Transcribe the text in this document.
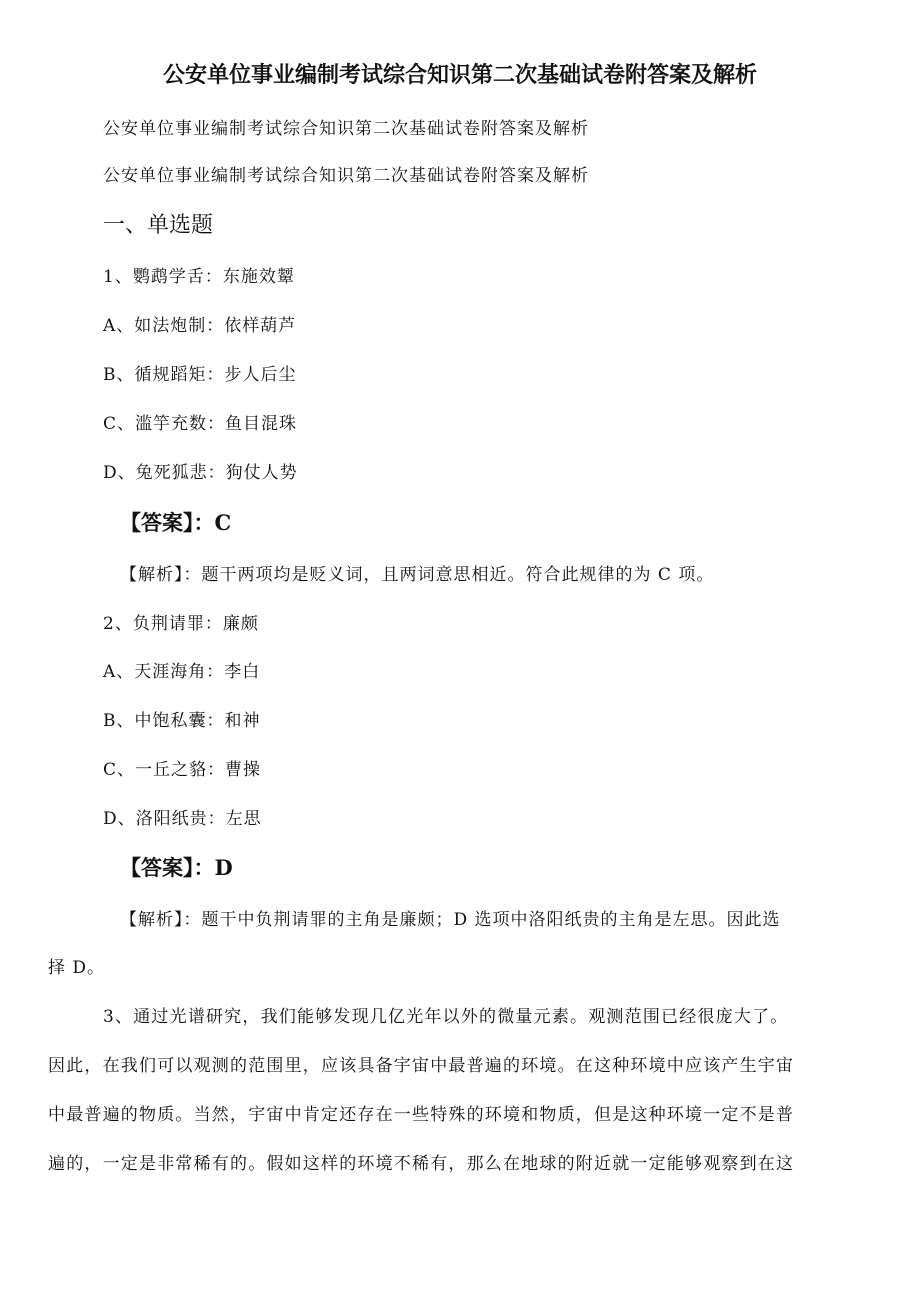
公安单位事业编制考试综合知识第二次基础试卷附答案及解析
公安单位事业编制考试综合知识第二次基础试卷附答案及解析
公安单位事业编制考试综合知识第二次基础试卷附答案及解析
一、单选题
1、鹦鹉学舌：东施效颦
A、如法炮制：依样葫芦
B、循规蹈矩：步人后尘
C、滥竽充数：鱼目混珠
D、兔死狐悲：狗仗人势
【答案】：C
【解析】：题干两项均是贬义词，且两词意思相近。符合此规律的为 C 项。
2、负荆请罪：廉颇
A、天涯海角：李白
B、中饱私囊：和神
C、一丘之貉：曹操
D、洛阳纸贵：左思
【答案】：D
【解析】：题干中负荆请罪的主角是廉颇；D 选项中洛阳纸贵的主角是左思。因此选
择 D。
3、通过光谱研究，我们能够发现几亿光年以外的微量元素。观测范围已经很庞大了。
因此，在我们可以观测的范围里，应该具备宇宙中最普遍的环境。在这种环境中应该产生宇宙
中最普遍的物质。当然，宇宙中肯定还存在一些特殊的环境和物质，但是这种环境一定不是普
遍的，一定是非常稀有的。假如这样的环境不稀有，那么在地球的附近就一定能够观察到在这
